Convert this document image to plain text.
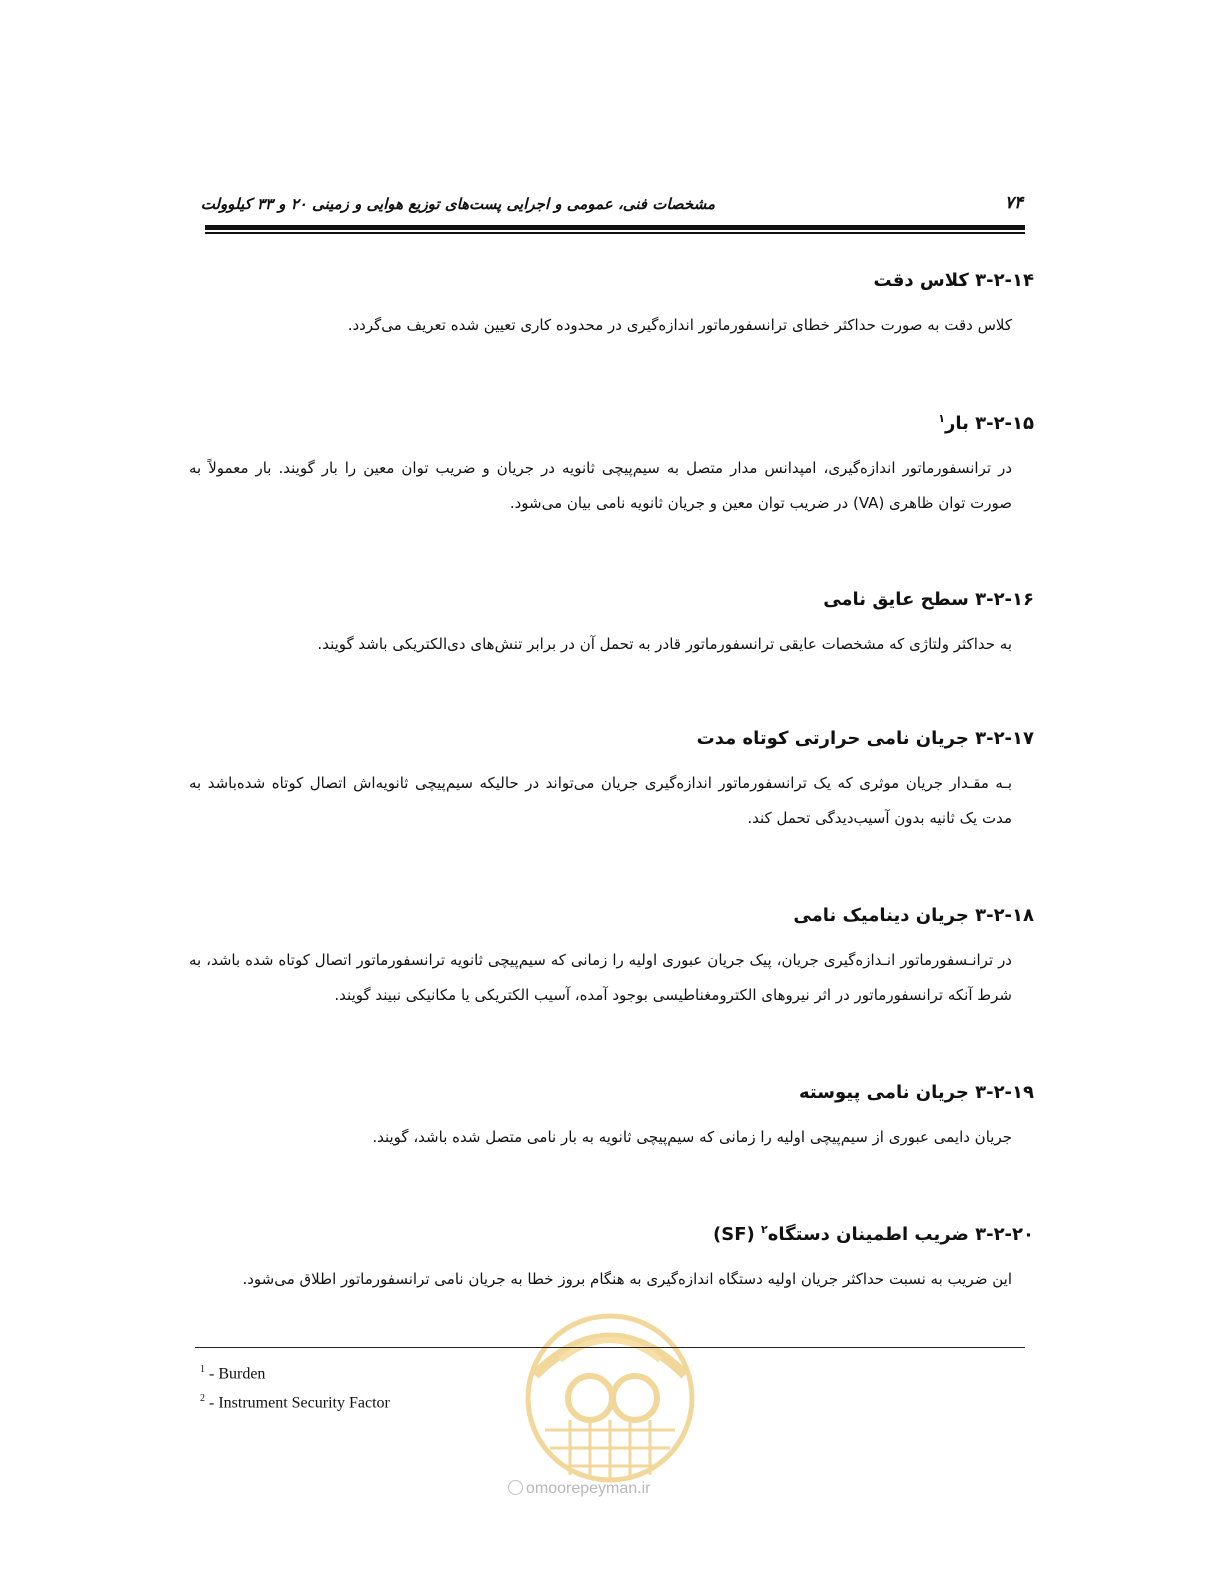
مشخصات فنی، عمومی و اجرایی پست‌های توزیع هوایی و زمینی ۲۰ و ۳۳ کیلوولت	۷۴
۳-۲-۱۴ کلاس دقت

کلاس دقت به صورت حداکثر خطای ترانسفورماتور اندازه‌گیری در محدوده کاری تعیین شده تعریف می‌گردد.

۳-۲-۱۵ بار$^۱$

در ترانسفورماتور اندازه‌گیری، امپدانس مدار متصل به سیم‌پیچی ثانویه در جریان و ضریب توان معین را بار گویند. بار معمولاً به صورت توان ظاهری (VA) در ضریب توان معین و جریان ثانویه نامی بیان می‌شود.

۳-۲-۱۶ سطح عایق نامی

به حداکثر ولتاژی که مشخصات عایقی ترانسفورماتور قادر به تحمل آن در برابر تنش‌های دی‌الکتریکی باشد گویند.

۳-۲-۱۷ جریان نامی حرارتی کوتاه مدت

بـه مقـدار جریان موثری که یک ترانسفورماتور اندازه‌گیری جریان می‌تواند در حالیکه سیم‌پیچی ثانویه‌اش اتصال کوتاه شده‌باشد به مدت یک ثانیه بدون آسیب‌دیدگی تحمل کند.

۳-۲-۱۸ جریان دینامیک نامی

در ترانـسفورماتور انـدازه‌گیری جریان، پیک جریان عبوری اولیه را زمانی که سیم‌پیچی ثانویه ترانسفورماتور اتصال کوتاه شده باشد، به شرط آنکه ترانسفورماتور در اثر نیروهای الکترومغناطیسی بوجود آمده، آسیب الکتریکی یا مکانیکی نبیند گویند.

۳-۲-۱۹ جریان نامی پیوسته

جریان دایمی عبوری از سیم‌پیچی اولیه را زمانی که سیم‌پیچی ثانویه به بار نامی متصل شده باشد، گویند.

۳-۲-۲۰ ضریب اطمینان دستگاه$^۲$ (SF)

این ضریب به نسبت حداکثر جریان اولیه دستگاه اندازه‌گیری به هنگام بروز خطا به جریان نامی ترانسفورماتور اطلاق می‌شود.

omoorepeyman.ir
$^1$ - Burden
$^2$ - Instrument Security Factor
